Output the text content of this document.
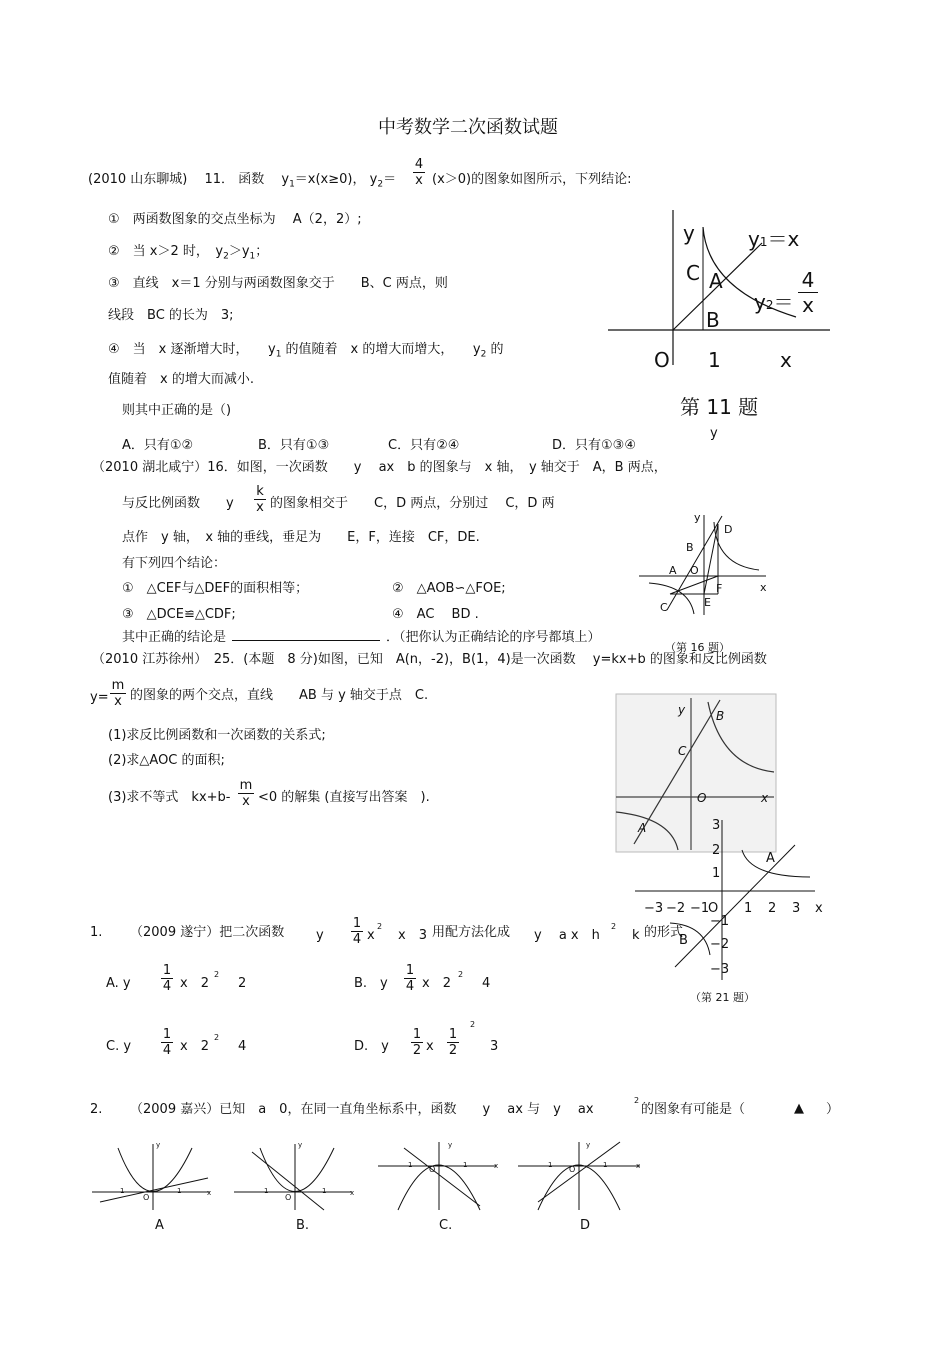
中考数学二次函数试题
(2010 山东聊城)　 11． 函数　 $y_1=x(x\ge 0)$， $y_2= \frac{4}{x} (x>0)$的图象如图所示，下列结论:
①　两函数图象的交点坐标为　 A（2，2）;
②　当 x＞2 时，　 $y_2>y_1$；
③　直线　x＝1 分别与两函数图象交于　　B、C 两点，则
线段　BC 的长为　3;
④　当　x 逐渐增大时，　　$y_1$ 的值随着　x 的增大而增大，　　$y_2$ 的
值随着　x 的增大而减小.
则其中正确的是（)
A．只有①②	B．只有①③	C．只有②④	D．只有①③④
y	y1＝x
C A
$y2= \frac{4}{x}$
B
O 1	x
第 11 题
（2010 湖北咸宁）16．如图，一次函数　　y　 ax　b 的图象与　x 轴，　y 轴交于　A，B 两点，
与反比例函数　　y $\frac{k}{x}$ 的图象相交于　　C，D 两点，分别过　 C，D 两
点作　y 轴，　x 轴的垂线，垂足为　　E，F，连接　CF，DE.
有下列四个结论：
①　△CEF与△DEF的面积相等；	②　△AOB∽△FOE;
③　△DCE≌△CDF;	④　AC　 BD .
其中正确的结论是	．（把你认为正确结论的序号都填上）
y
D
B
A O
x
F
C	E
（第 16 题）
（2010 江苏徐州）　 25．(本题　8 分)如图，已知　A(n，-2)，B(1，4)是一次函数　 y=kx+b 的图象和反比例函数
$y= \frac{m}{x}$ 的图象的两个交点，直线　　AB 与 y 轴交于点　C.
(1)求反比例函数和一次函数的关系式;
(2)求△AOC 的面积;
(3)求不等式　$kx+b- \frac{m}{x} <0$ 的解集 (直接写出答案　).
y	B
C
O	x
A	3
2
1
A
y
−3 −2 −1
O 1 2 3 x
−1
−2
−3
B
（第 21 题）
1. （2009 遂宁）把二次函数 y $\frac{1}{4}$ x
2
x　3 用配方法化成 y　 a x　h
2
k 的形式
A. y $\frac{1}{4}$ x　2
2
2	B.　y $\frac{1}{4}$ x　2
2
4
C. y $\frac{1}{4}$ x　2
2
4	D.　y $\frac{1}{2}$ x $\frac{1}{2}$
2
3
2. （2009 嘉兴）已知　a　0，在同一直角坐标系中，函数　　y　 ax 与　y　 ax
2
的图象有可能是（	▲ ）
y
1	1
O	x
A
y
1	1
O	x
B.
y
1	1
O	x
C.
y
1	1
O	x
D
